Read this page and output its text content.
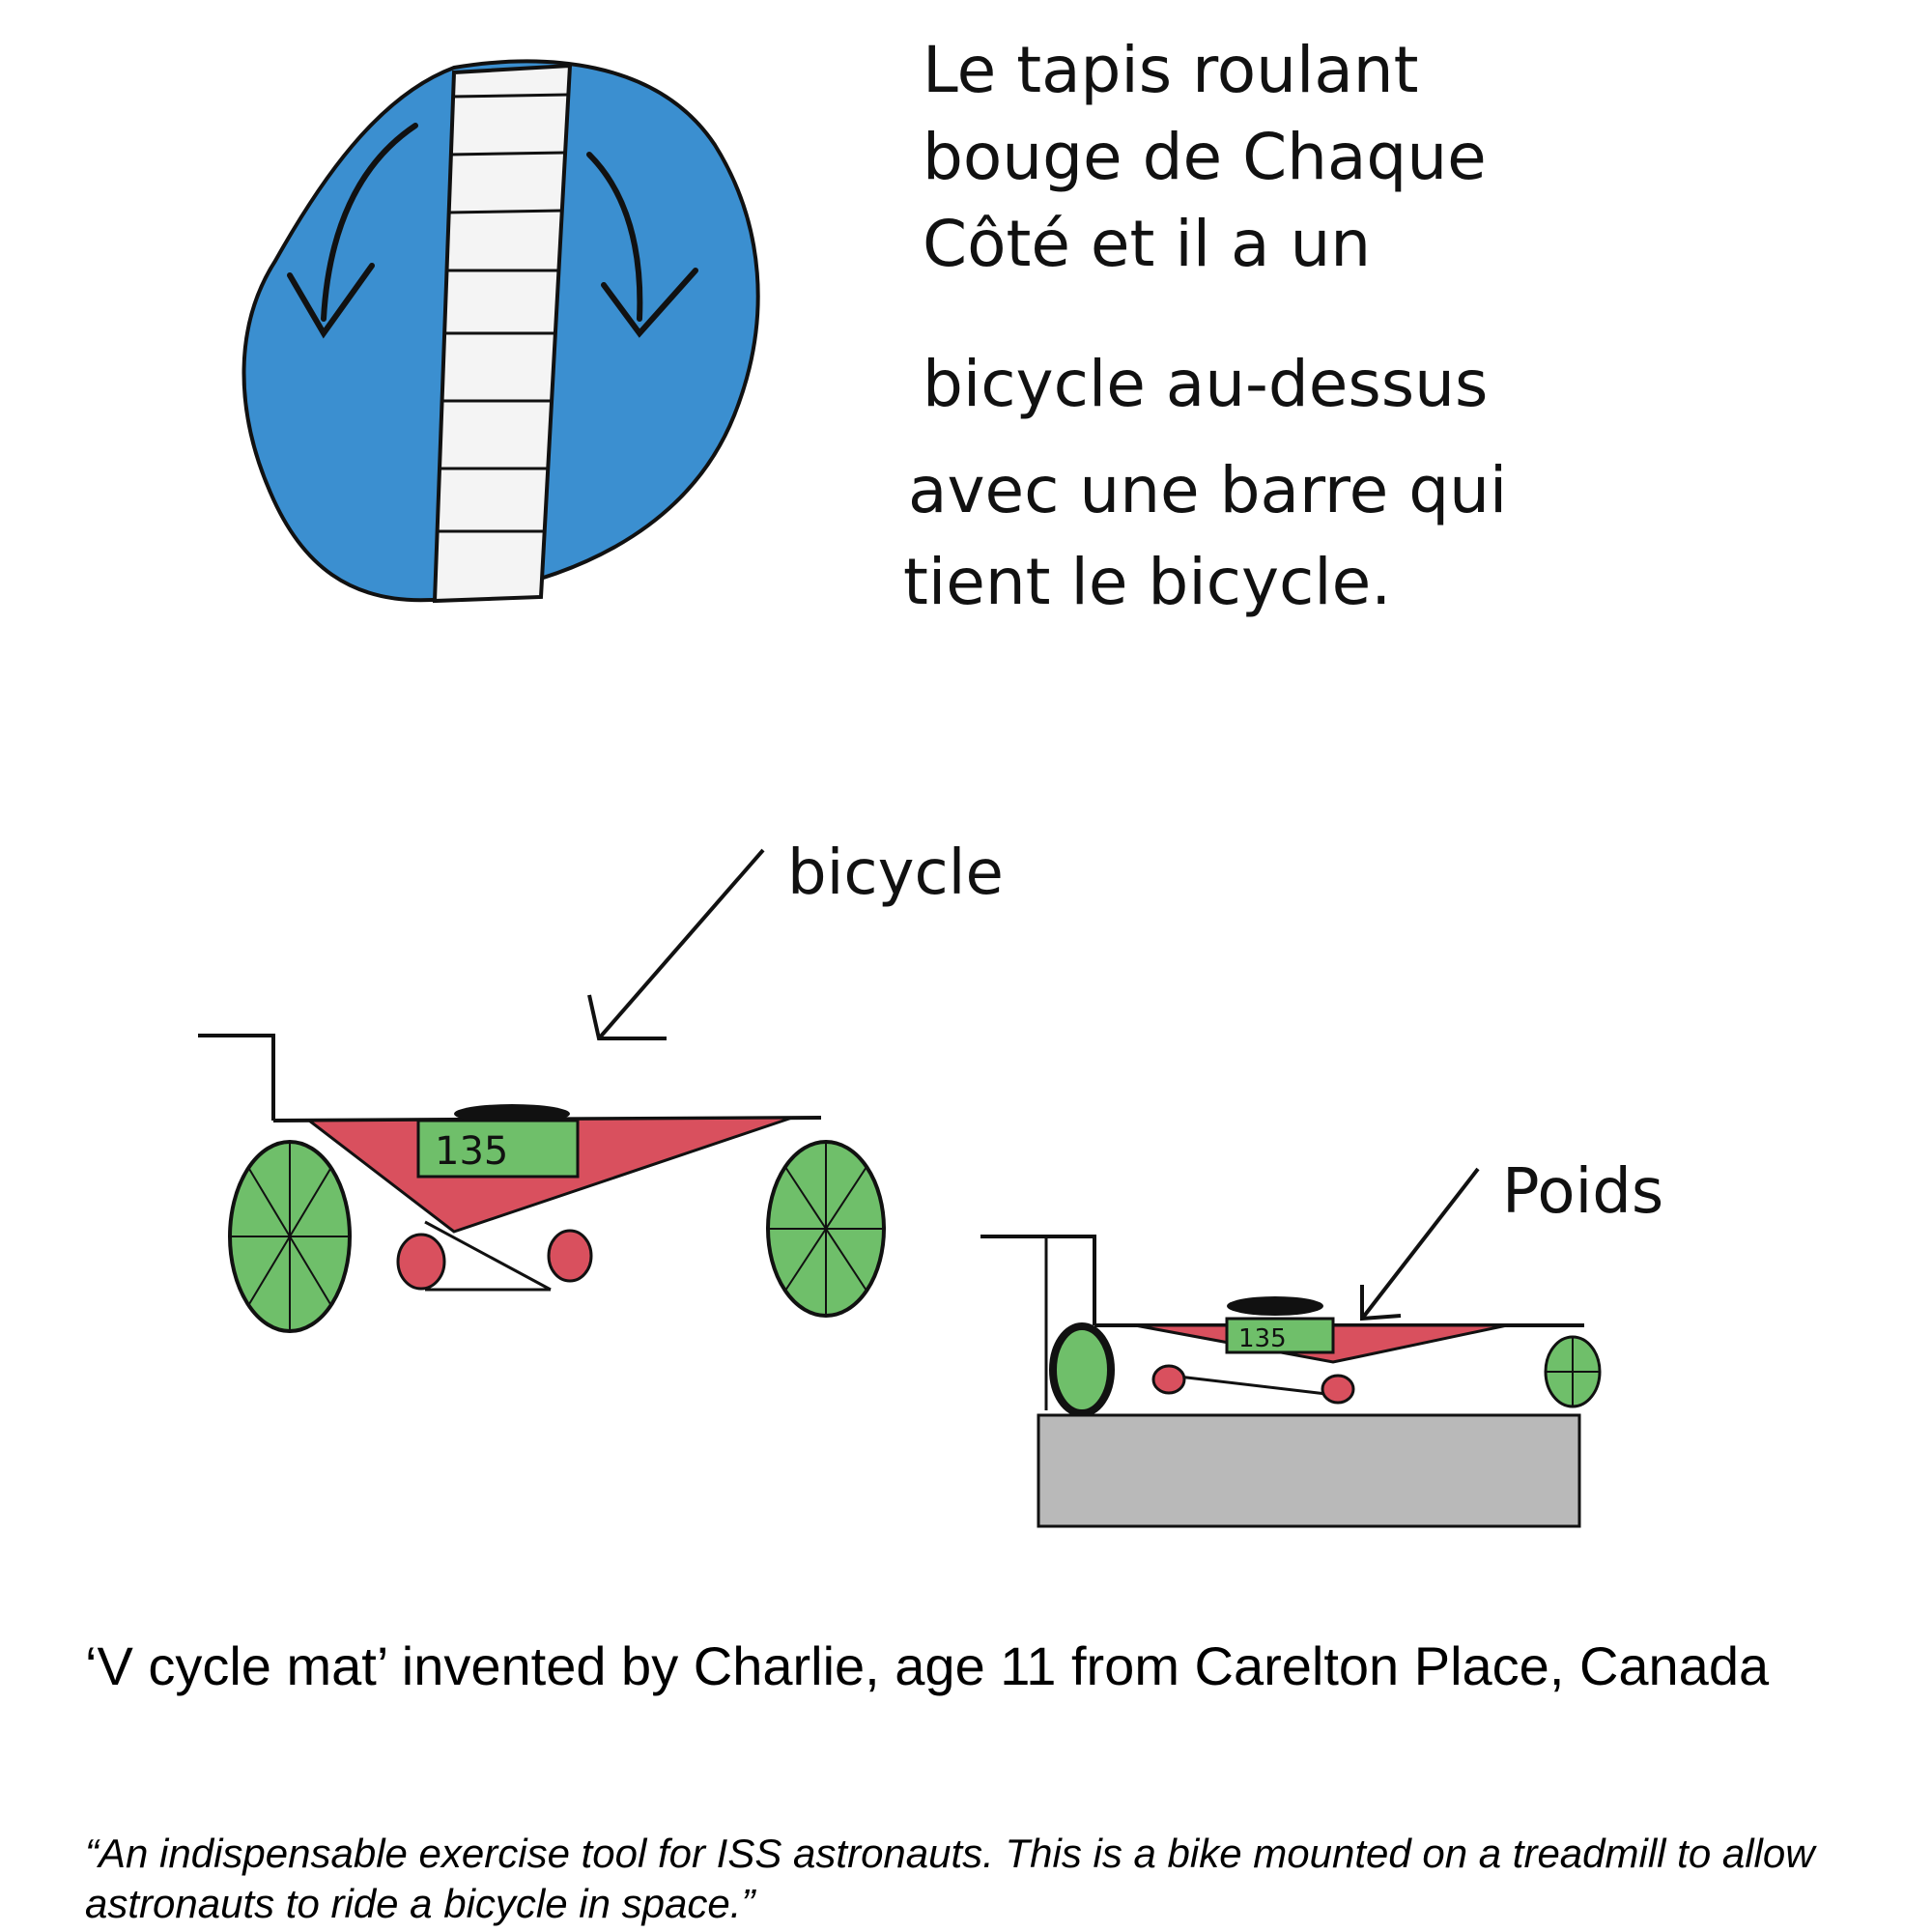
Le tapis roulant
bouge de Chaque
Côté et il a un
bicycle au-dessus
avec une barre qui
tient le bicycle.
bicycle
135
Poids
135

‘V cycle mat’ invented by Charlie, age 11 from Carelton Place, Canada

“An indispensable exercise tool for ISS astronauts. This is a bike mounted on a treadmill to allow astronauts to ride a bicycle in space.”
